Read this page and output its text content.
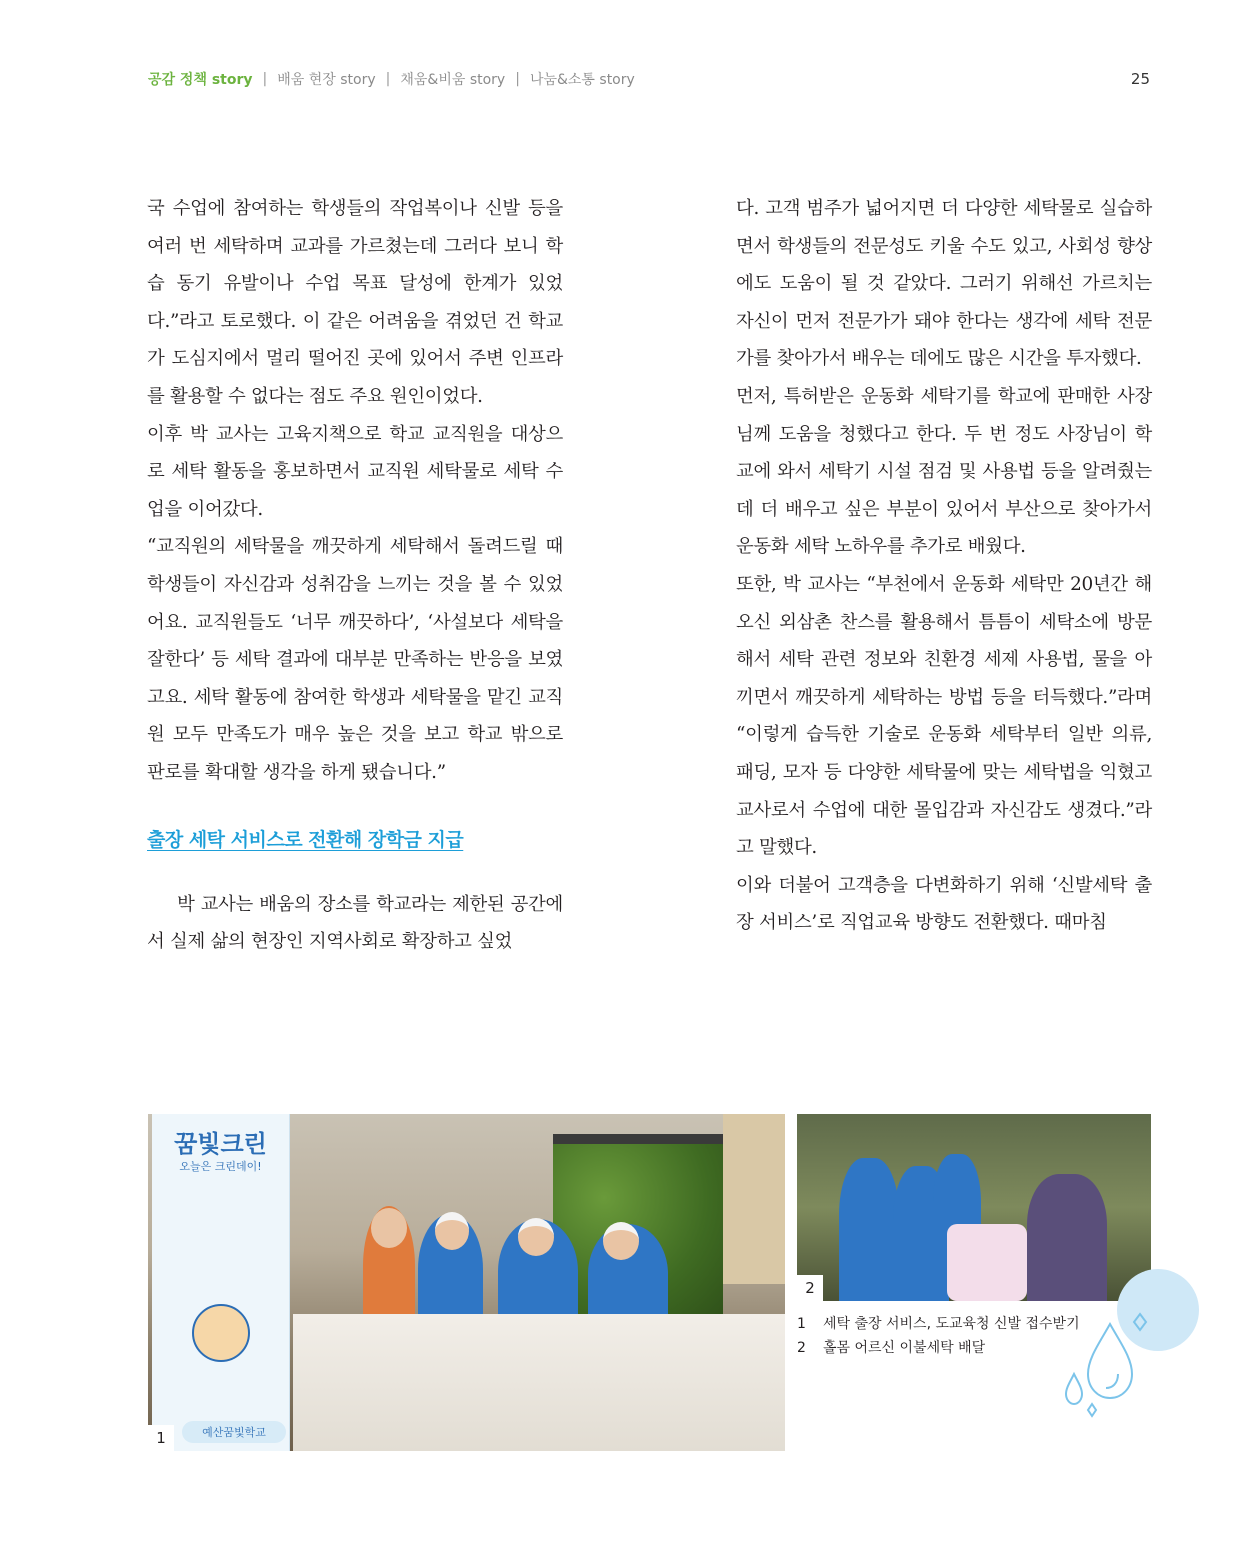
공감 정책 story | 배움 현장 story | 채움&비움 story | 나눔&소통 story	25

국 수업에 참여하는 학생들의 작업복이나 신발 등을 여러 번 세탁하며 교과를 가르쳤는데 그러다 보니 학습 동기 유발이나 수업 목표 달성에 한계가 있었다.”라고 토로했다. 이 같은 어려움을 겪었던 건 학교가 도심지에서 멀리 떨어진 곳에 있어서 주변 인프라를 활용할 수 없다는 점도 주요 원인이었다.

이후 박 교사는 고육지책으로 학교 교직원을 대상으로 세탁 활동을 홍보하면서 교직원 세탁물로 세탁 수업을 이어갔다.

“교직원의 세탁물을 깨끗하게 세탁해서 돌려드릴 때 학생들이 자신감과 성취감을 느끼는 것을 볼 수 있었어요. 교직원들도 ‘너무 깨끗하다’, ‘사설보다 세탁을 잘한다’ 등 세탁 결과에 대부분 만족하는 반응을 보였고요. 세탁 활동에 참여한 학생과 세탁물을 맡긴 교직원 모두 만족도가 매우 높은 것을 보고 학교 밖으로 판로를 확대할 생각을 하게 됐습니다.”

출장 세탁 서비스로 전환해 장학금 지급

박 교사는 배움의 장소를 학교라는 제한된 공간에서 실제 삶의 현장인 지역사회로 확장하고 싶었

다. 고객 범주가 넓어지면 더 다양한 세탁물로 실습하면서 학생들의 전문성도 키울 수도 있고, 사회성 향상에도 도움이 될 것 같았다. 그러기 위해선 가르치는 자신이 먼저 전문가가 돼야 한다는 생각에 세탁 전문가를 찾아가서 배우는 데에도 많은 시간을 투자했다.

먼저, 특허받은 운동화 세탁기를 학교에 판매한 사장님께 도움을 청했다고 한다. 두 번 정도 사장님이 학교에 와서 세탁기 시설 점검 및 사용법 등을 알려줬는데 더 배우고 싶은 부분이 있어서 부산으로 찾아가서 운동화 세탁 노하우를 추가로 배웠다.

또한, 박 교사는 “부천에서 운동화 세탁만 20년간 해오신 외삼촌 찬스를 활용해서 틈틈이 세탁소에 방문해서 세탁 관련 정보와 친환경 세제 사용법, 물을 아끼면서 깨끗하게 세탁하는 방법 등을 터득했다.”라며 “이렇게 습득한 기술로 운동화 세탁부터 일반 의류, 패딩, 모자 등 다양한 세탁물에 맞는 세탁법을 익혔고 교사로서 수업에 대한 몰입감과 자신감도 생겼다.”라고 말했다.

이와 더불어 고객층을 다변화하기 위해 ‘신발세탁 출장 서비스’로 직업교육 방향도 전환했다. 때마침

꿈빛크린
오늘은 크린데이!
예산꿈빛학교
1
2
1	세탁 출장 서비스, 도교육청 신발 접수받기
2	홀몸 어르신 이불세탁 배달
